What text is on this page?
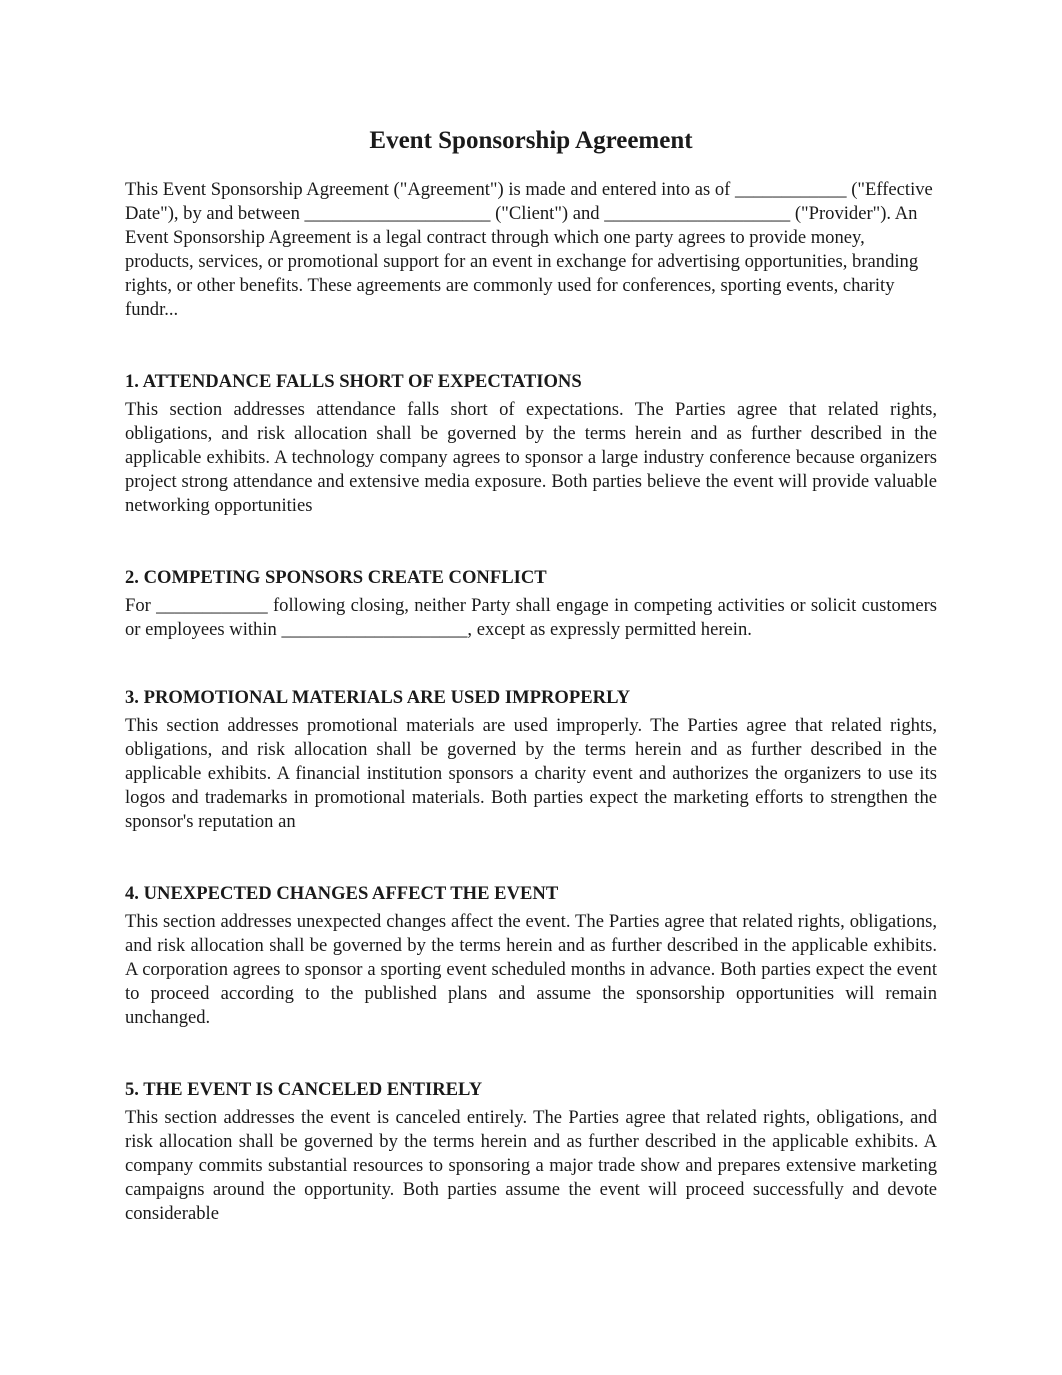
Event Sponsorship Agreement

This Event Sponsorship Agreement ("Agreement") is made and entered into as of ____________ ("Effective Date"), by and between ____________________ ("Client") and ____________________ ("Provider"). An Event Sponsorship Agreement is a legal contract through which one party agrees to provide money, products, services, or promotional support for an event in exchange for advertising opportunities, branding rights, or other benefits. These agreements are commonly used for conferences, sporting events, charity fundr...

1. ATTENDANCE FALLS SHORT OF EXPECTATIONS

This section addresses attendance falls short of expectations. The Parties agree that related rights, obligations, and risk allocation shall be governed by the terms herein and as further described in the applicable exhibits. A technology company agrees to sponsor a large industry conference because organizers project strong attendance and extensive media exposure. Both parties believe the event will provide valuable networking opportunities

2. COMPETING SPONSORS CREATE CONFLICT

For ____________ following closing, neither Party shall engage in competing activities or solicit customers or employees within ____________________, except as expressly permitted herein.

3. PROMOTIONAL MATERIALS ARE USED IMPROPERLY

This section addresses promotional materials are used improperly. The Parties agree that related rights, obligations, and risk allocation shall be governed by the terms herein and as further described in the applicable exhibits. A financial institution sponsors a charity event and authorizes the organizers to use its logos and trademarks in promotional materials. Both parties expect the marketing efforts to strengthen the sponsor's reputation an

4. UNEXPECTED CHANGES AFFECT THE EVENT

This section addresses unexpected changes affect the event. The Parties agree that related rights, obligations, and risk allocation shall be governed by the terms herein and as further described in the applicable exhibits. A corporation agrees to sponsor a sporting event scheduled months in advance. Both parties expect the event to proceed according to the published plans and assume the sponsorship opportunities will remain unchanged.

5. THE EVENT IS CANCELED ENTIRELY

This section addresses the event is canceled entirely. The Parties agree that related rights, obligations, and risk allocation shall be governed by the terms herein and as further described in the applicable exhibits. A company commits substantial resources to sponsoring a major trade show and prepares extensive marketing campaigns around the opportunity. Both parties assume the event will proceed successfully and devote considerable
